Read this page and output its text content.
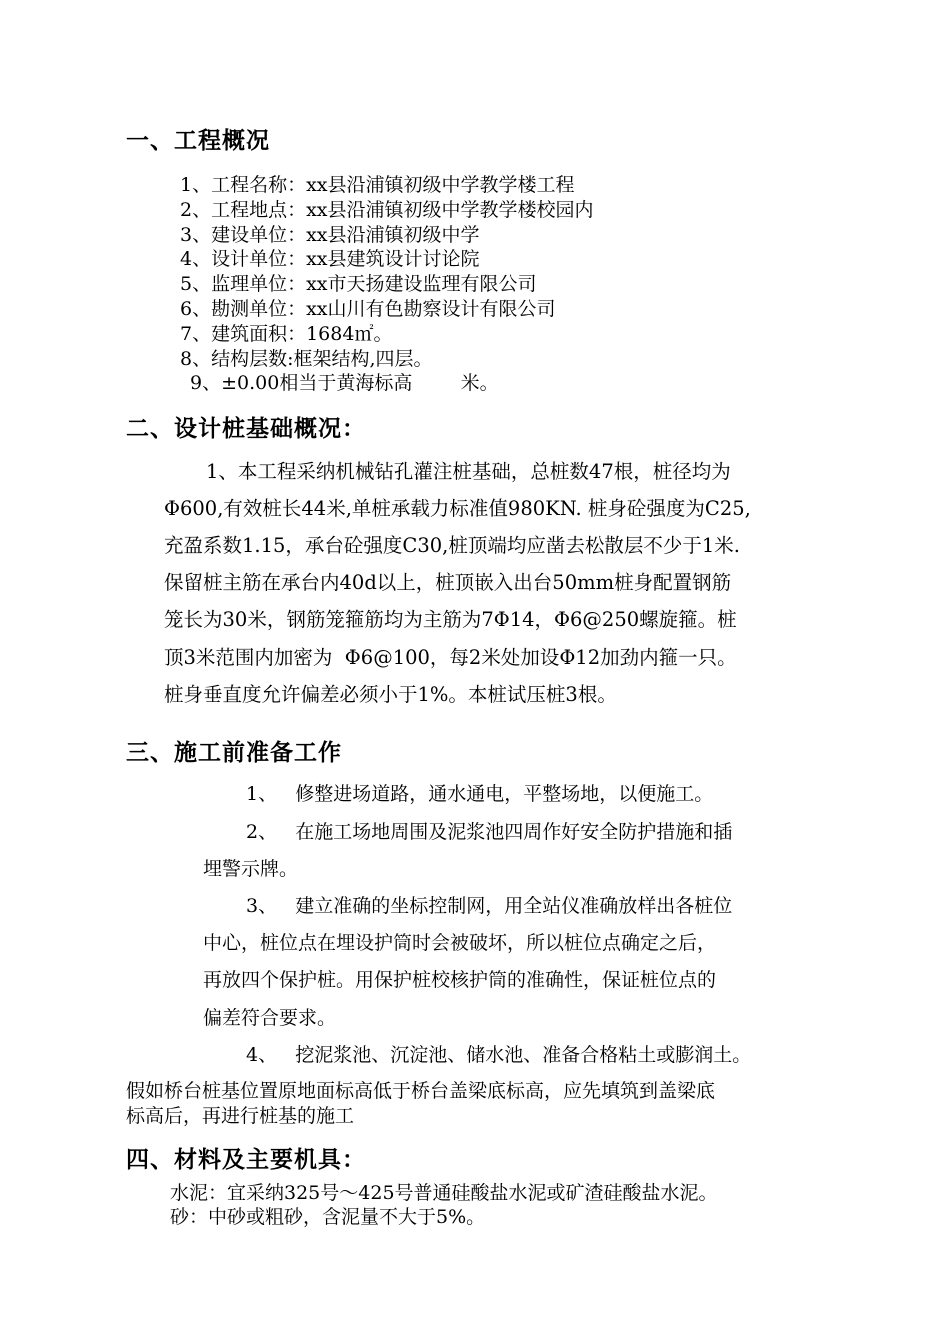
一、工程概况
1、工程名称：xx县沿浦镇初级中学教学楼工程
2、工程地点：xx县沿浦镇初级中学教学楼校园内
3、建设单位：xx县沿浦镇初级中学
4、设计单位：xx县建筑设计讨论院
5、监理单位：xx市天扬建设监理有限公司
6、勘测单位：xx山川有色勘察设计有限公司
7、建筑面积：1684㎡。
8、结构层数:框架结构,四层。
9、±0.00相当于黄海标高        米。
二、设计桩基础概况：
1、本工程采纳机械钻孔灌注桩基础，总桩数47根，桩径均为
Φ600,有效桩长44米,单桩承载力标准值980KN. 桩身砼强度为C25,
充盈系数1.15，承台砼强度C30,桩顶端均应凿去松散层不少于1米.
保留桩主筋在承台内40d以上，桩顶嵌入出台50mm桩身配置钢筋
笼长为30米，钢筋笼箍筋均为主筋为7Φ14，Φ6@250螺旋箍。桩
顶3米范围内加密为  Φ6@100，每2米处加设Φ12加劲内箍一只。
桩身垂直度允许偏差必须小于1%。本桩试压桩3根。
三、施工前准备工作
1、   修整进场道路，通水通电，平整场地，以便施工。
2、   在施工场地周围及泥浆池四周作好安全防护措施和插
埋警示牌。
3、   建立准确的坐标控制网，用全站仪准确放样出各桩位
中心，桩位点在埋设护筒时会被破坏，所以桩位点确定之后，
再放四个保护桩。用保护桩校核护筒的准确性，保证桩位点的
偏差符合要求。
4、   挖泥浆池、沉淀池、储水池、准备合格粘土或膨润土。
假如桥台桩基位置原地面标高低于桥台盖梁底标高，应先填筑到盖梁底
标高后，再进行桩基的施工
四、材料及主要机具：
水泥：宜采纳325号～425号普通硅酸盐水泥或矿渣硅酸盐水泥。
砂：中砂或粗砂，含泥量不大于5%。
